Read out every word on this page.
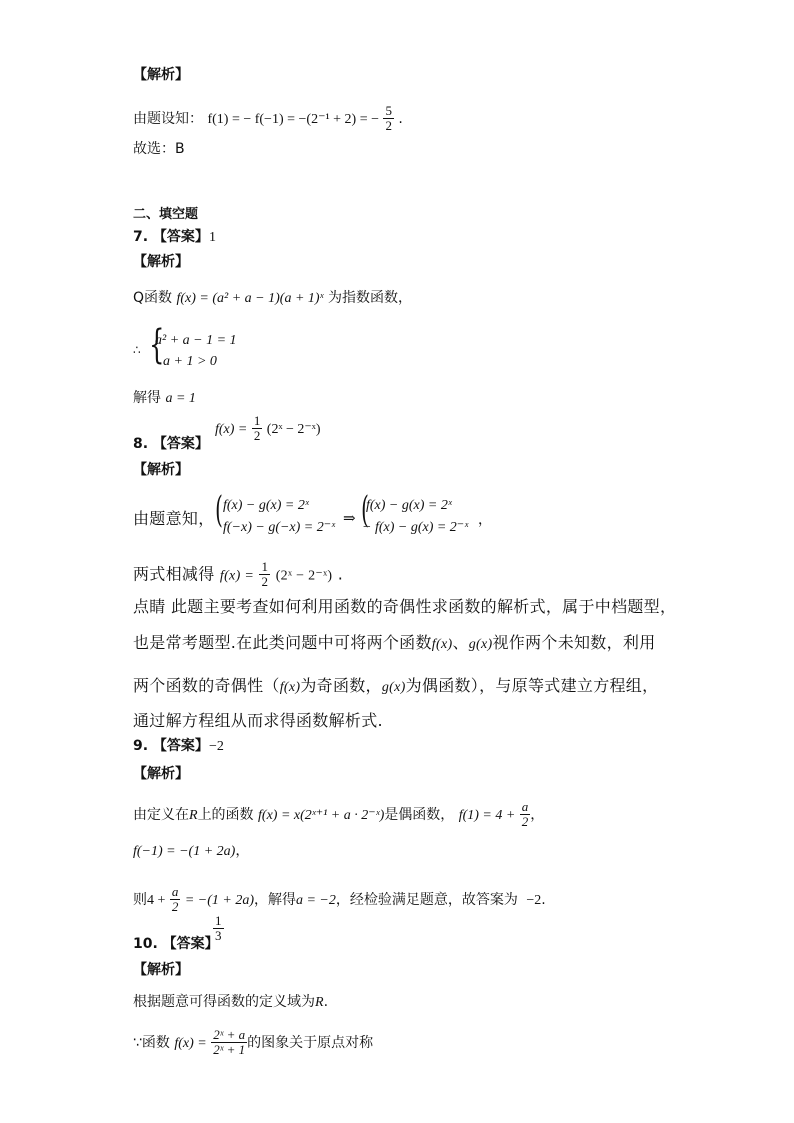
【解析】
由题设知： f(1) = − f(−1) = −(2⁻¹ + 2) = − $\frac{5}{2}$ .
故选：B
二、填空题
7. 【答案】1
【解析】
Q函数 f(x) = (a² + a − 1)(a + 1)ˣ 为指数函数，
∴ {
a² + a − 1 = 1
a + 1 > 0
解得 a = 1
8. 【答案】
$f(x) = \frac{1}{2}$ (2ˣ − 2⁻ˣ)
【解析】
由题意知， ( f(x) − g(x) = 2ˣ
f(−x) − g(−x) = 2⁻ˣ
⇒ (
f(x) − g(x) = 2ˣ
− f(x) − g(x) = 2⁻ˣ ，
两式相减得 $f(x) = \frac{1}{2}$ (2ˣ − 2⁻ˣ) .
点睛 此题主要考查如何利用函数的奇偶性求函数的解析式，属于中档题型，
也是常考题型.在此类问题中可将两个函数f(x)、g(x)视作两个未知数，利用
两个函数的奇偶性（f(x)为奇函数，g(x)为偶函数），与原等式建立方程组，
通过解方程组从而求得函数解析式.
9. 【答案】−2
【解析】
由定义在R上的函数 f(x) = x(2ˣ⁺¹ + a · 2⁻ˣ)是偶函数， $f(1) = 4 + \frac{a}{2}$ ，
f(−1) = −(1 + 2a)，
则$4 + \frac{a}{2} = -(1 + 2a)$，解得a = −2，经检验满足题意，故答案为 −2.
10. 【答案】
$\frac{1}{3}$
【解析】
根据题意可得函数的定义域为R.
∵函数 $f(x) = \frac{\text{2ˣ + a}}{\text{2ˣ + 1}}$ 的图象关于原点对称
